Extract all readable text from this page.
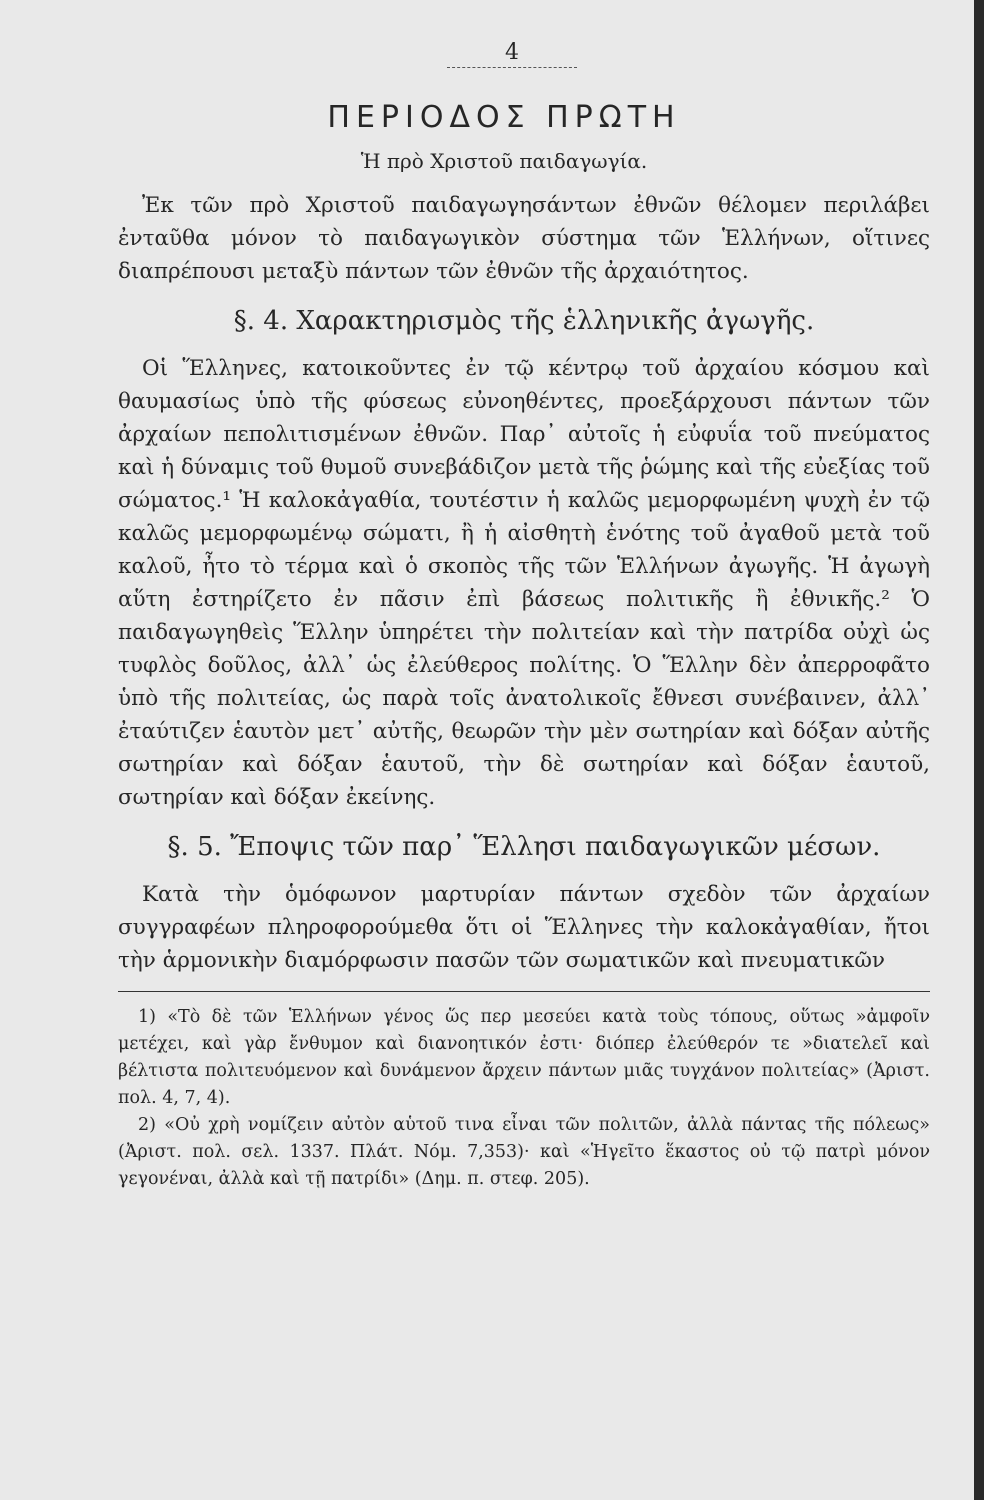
4
ΠΕΡΙΟΔΟΣ ΠΡΩΤΗ
Ἡ πρὸ Χριστοῦ παιδαγωγία.

Ἐκ τῶν πρὸ Χριστοῦ παιδαγωγησάντων ἐθνῶν θέλομεν περιλάβει ἐνταῦθα μόνον τὸ παιδαγωγικὸν σύστημα τῶν Ἑλλήνων, οἵτινες διαπρέπουσι μεταξὺ πάντων τῶν ἐθνῶν τῆς ἀρχαιότητος.

§. 4. Χαρακτηρισμὸς τῆς ἑλληνικῆς ἀγωγῆς.

Οἱ Ἕλληνες, κατοικοῦντες ἐν τῷ κέντρῳ τοῦ ἀρχαίου κόσμου καὶ θαυμασίως ὑπὸ τῆς φύσεως εὐνοηθέντες, προεξάρχουσι πάντων τῶν ἀρχαίων πεπολιτισμένων ἐθνῶν. Παρ᾽ αὐτοῖς ἡ εὐφυΐα τοῦ πνεύματος καὶ ἡ δύναμις τοῦ θυμοῦ συνεβάδιζον μετὰ τῆς ῥώμης καὶ τῆς εὐεξίας τοῦ σώματος.¹ Ἡ καλοκἀγαθία, τουτέστιν ἡ καλῶς μεμορφωμένη ψυχὴ ἐν τῷ καλῶς μεμορφωμένῳ σώματι, ἢ ἡ αἰσθητὴ ἑνότης τοῦ ἀγαθοῦ μετὰ τοῦ καλοῦ, ἦτο τὸ τέρμα καὶ ὁ σκοπὸς τῆς τῶν Ἑλλήνων ἀγωγῆς. Ἡ ἀγωγὴ αὕτη ἐστηρίζετο ἐν πᾶσιν ἐπὶ βάσεως πολιτικῆς ἢ ἐθνικῆς.² Ὁ παιδαγωγηθεὶς Ἕλλην ὑπηρέτει τὴν πολιτείαν καὶ τὴν πατρίδα οὐχὶ ὡς τυφλὸς δοῦλος, ἀλλ᾽ ὡς ἐλεύθερος πολίτης. Ὁ Ἕλλην δὲν ἀπερροφᾶτο ὑπὸ τῆς πολιτείας, ὡς παρὰ τοῖς ἀνατολικοῖς ἔθνεσι συνέβαινεν, ἀλλ᾽ ἐταύτιζεν ἑαυτὸν μετ᾽ αὐτῆς, θεωρῶν τὴν μὲν σωτηρίαν καὶ δόξαν αὐτῆς σωτηρίαν καὶ δόξαν ἑαυτοῦ, τὴν δὲ σωτηρίαν καὶ δόξαν ἑαυτοῦ, σωτηρίαν καὶ δόξαν ἐκείνης.

§. 5. Ἔποψις τῶν παρ᾽ Ἕλλησι παιδαγωγικῶν μέσων.

Κατὰ τὴν ὁμόφωνον μαρτυρίαν πάντων σχεδὸν τῶν ἀρχαίων συγγραφέων πληροφορούμεθα ὅτι οἱ Ἕλληνες τὴν καλοκἀγαθίαν, ἤτοι τὴν ἁρμονικὴν διαμόρφωσιν πασῶν τῶν σωματικῶν καὶ πνευματικῶν

1) «Τὸ δὲ τῶν Ἑλλήνων γένος ὥς περ μεσεύει κατὰ τοὺς τόπους, οὕτως »ἀμφοῖν μετέχει, καὶ γὰρ ἔνθυμον καὶ διανοητικόν ἐστι· διόπερ ἐλεύθερόν τε »διατελεῖ καὶ βέλτιστα πολιτευόμενον καὶ δυνάμενον ἄρχειν πάντων μιᾶς τυγχάνον πολιτείας» (Ἀριστ. πολ. 4, 7, 4).

2) «Οὐ χρὴ νομίζειν αὐτὸν αὑτοῦ τινα εἶναι τῶν πολιτῶν, ἀλλὰ πάντας τῆς πόλεως» (Ἀριστ. πολ. σελ. 1337. Πλάτ. Νόμ. 7,353)· καὶ «Ἡγεῖτο ἕκαστος οὐ τῷ πατρὶ μόνον γεγονέναι, ἀλλὰ καὶ τῇ πατρίδι» (Δημ. π. στεφ. 205).
